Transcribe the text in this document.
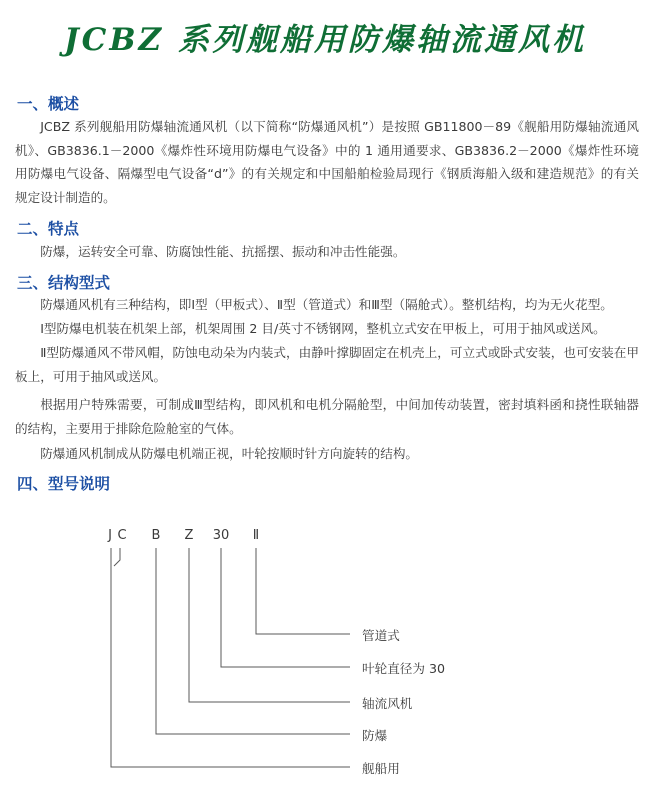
JCBZ 系列舰船用防爆轴流通风机
一、概述

JCBZ 系列舰船用防爆轴流通风机（以下简称“防爆通风机”）是按照 GB11800－89《舰船用防爆轴流通风机》、GB3836.1－2000《爆炸性环境用防爆电气设备》中的 1 通用通要求、GB3836.2－2000《爆炸性环境用防爆电气设备、隔爆型电气设备“d”》的有关规定和中国船舶检验局现行《钢质海船入级和建造规范》的有关规定设计制造的。

二、特点

防爆，运转安全可靠、防腐蚀性能、抗摇摆、振动和冲击性能强。

三、结构型式

防爆通风机有三种结构，即Ⅰ型（甲板式）、Ⅱ型（管道式）和Ⅲ型（隔舱式）。整机结构，均为无火花型。

Ⅰ型防爆电机装在机架上部，机架周围 2 目/英寸不锈钢网，整机立式安在甲板上，可用于抽风或送风。

Ⅱ型防爆通风不带风帽，防蚀电动朵为内装式，由静叶撑脚固定在机壳上，可立式或卧式安装，也可安装在甲板上，可用于抽风或送风。

根据用户特殊需要，可制成Ⅲ型结构，即风机和电机分隔舱型，中间加传动装置，密封填料函和挠性联轴器的结构，主要用于排除危险舱室的气体。

防爆通风机制成从防爆电机端正视，叶轮按顺时针方向旋转的结构。

四、型号说明
J C B Z 30 Ⅱ
管道式
叶轮直径为 30
轴流风机
防爆
舰船用
